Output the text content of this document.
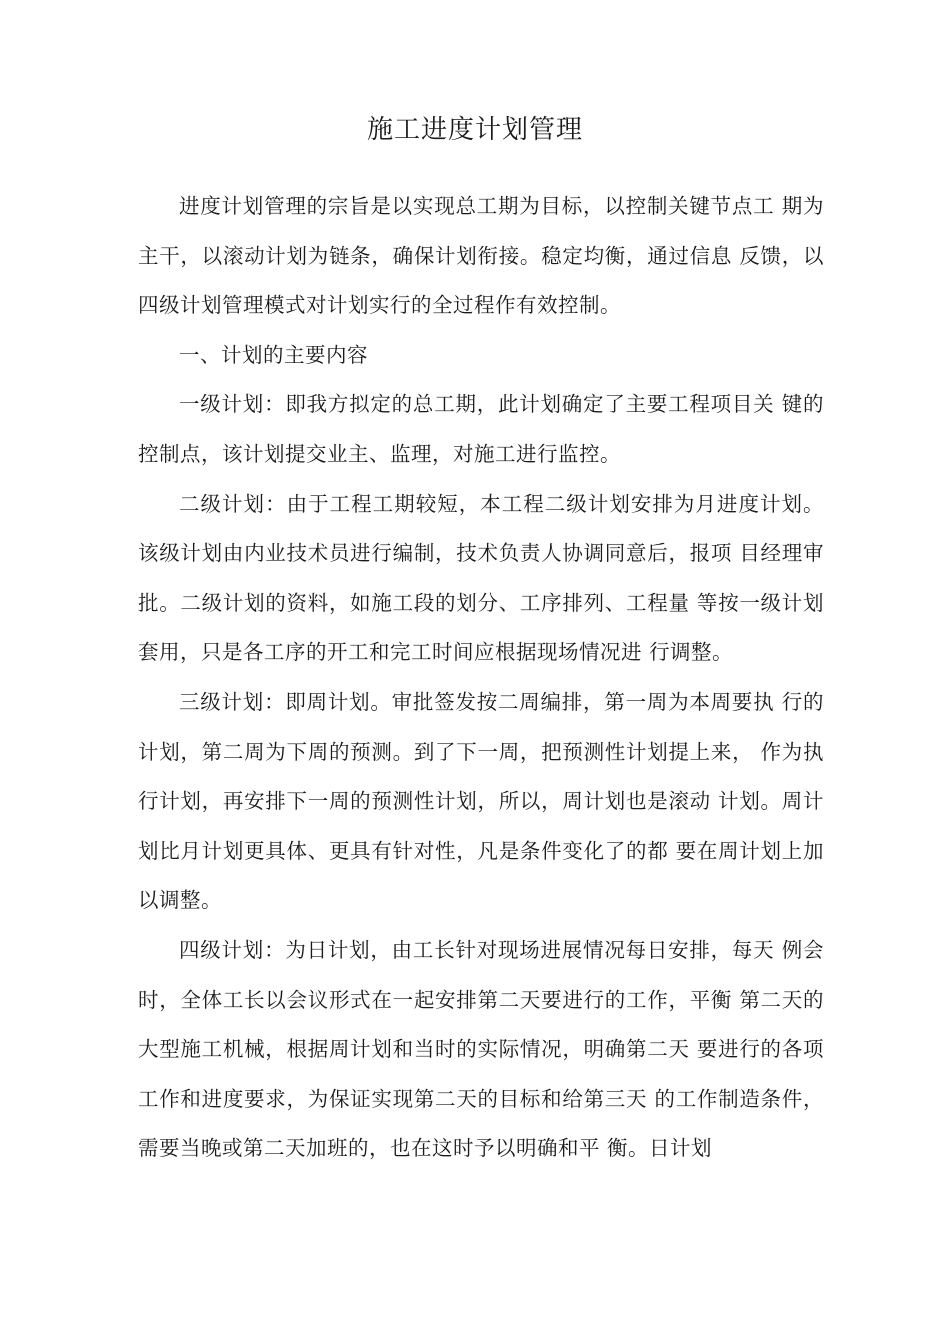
施工进度计划管理

进度计划管理的宗旨是以实现总工期为目标，以控制关键节点工 期为主干，以滚动计划为链条，确保计划衔接。稳定均衡，通过信息 反馈，以四级计划管理模式对计划实行的全过程作有效控制。

一、计划的主要内容

一级计划：即我方拟定的总工期，此计划确定了主要工程项目关 键的控制点，该计划提交业主、监理，对施工进行监控。

二级计划：由于工程工期较短，本工程二级计划安排为月进度计划。该级计划由内业技术员进行编制，技术负责人协调同意后，报项 目经理审批。二级计划的资料，如施工段的划分、工序排列、工程量 等按一级计划套用，只是各工序的开工和完工时间应根据现场情况进 行调整。

三级计划：即周计划。审批签发按二周编排，第一周为本周要执 行的计划，第二周为下周的预测。到了下一周，把预测性计划提上来， 作为执行计划，再安排下一周的预测性计划，所以，周计划也是滚动 计划。周计划比月计划更具体、更具有针对性，凡是条件变化了的都 要在周计划上加以调整。

四级计划：为日计划，由工长针对现场进展情况每日安排，每天 例会时，全体工长以会议形式在一起安排第二天要进行的工作，平衡 第二天的大型施工机械，根据周计划和当时的实际情况，明确第二天 要进行的各项工作和进度要求，为保证实现第二天的目标和给第三天 的工作制造条件，需要当晚或第二天加班的，也在这时予以明确和平 衡。日计划
